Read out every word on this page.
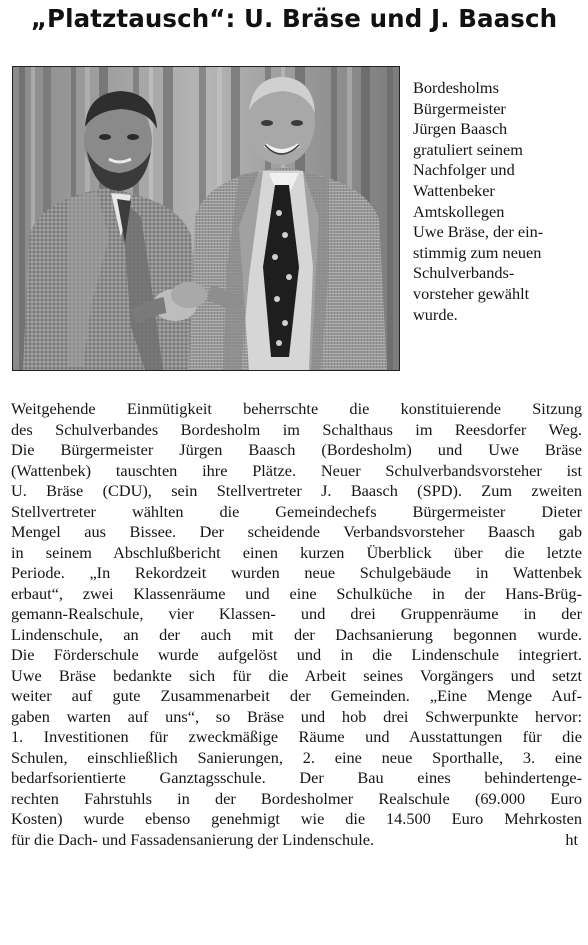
„Platztausch“: U. Bräse und J. Baasch
Bordesholms
Bürgermeister
Jürgen Baasch
gratuliert seinem
Nachfolger und
Wattenbeker
Amtskollegen
Uwe Bräse, der ein-
stimmig zum neuen
Schulverbands-
vorsteher gewählt
wurde.
Weitgehende Einmütigkeit beherrschte die konstituierende Sitzung
des Schulverbandes Bordesholm im Schalthaus im Reesdorfer Weg.
Die Bürgermeister Jürgen Baasch (Bordesholm) und Uwe Bräse
(Wattenbek) tauschten ihre Plätze. Neuer Schulverbandsvorsteher ist
U. Bräse (CDU), sein Stellvertreter J. Baasch (SPD). Zum zweiten
Stellvertreter wählten die Gemeindechefs Bürgermeister Dieter
Mengel aus Bissee. Der scheidende Verbandsvorsteher Baasch gab
in seinem Abschlußbericht einen kurzen Überblick über die letzte
Periode. „In Rekordzeit wurden neue Schulgebäude in Wattenbek
erbaut“, zwei Klassenräume und eine Schulküche in der Hans-Brüg-
gemann-Realschule, vier Klassen- und drei Gruppenräume in der
Lindenschule, an der auch mit der Dachsanierung begonnen wurde.
Die Förderschule wurde aufgelöst und in die Lindenschule integriert.
Uwe Bräse bedankte sich für die Arbeit seines Vorgängers und setzt
weiter auf gute Zusammenarbeit der Gemeinden. „Eine Menge Auf-
gaben warten auf uns“, so Bräse und hob drei Schwerpunkte hervor:
1. Investitionen für zweckmäßige Räume und Ausstattungen für die
Schulen, einschließlich Sanierungen, 2. eine neue Sporthalle, 3. eine
bedarfsorientierte Ganztagsschule. Der Bau eines behindertenge-
rechten Fahrstuhls in der Bordesholmer Realschule (69.000 Euro
Kosten) wurde ebenso genehmigt wie die 14.500 Euro Mehrkosten
für die Dach- und Fassadensanierung der Lindenschule.	ht
